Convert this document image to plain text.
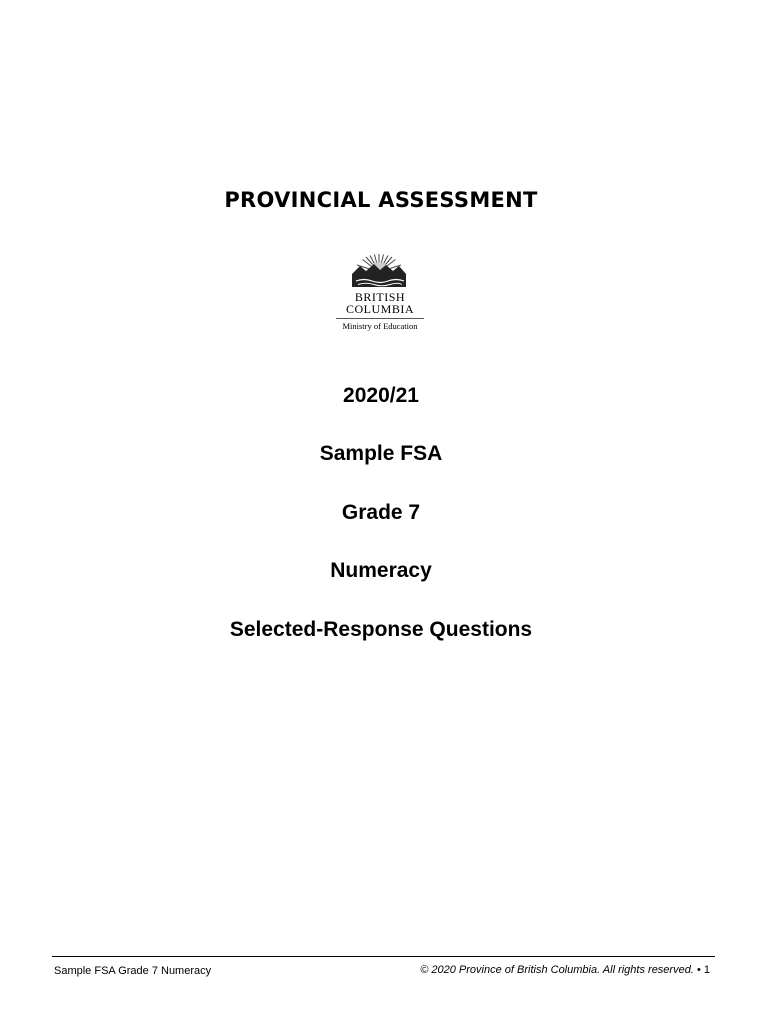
PROVINCIAL ASSESSMENT
BRITISH
COLUMBIA
Ministry of Education
2020/21
Sample FSA
Grade 7
Numeracy
Selected-Response Questions
Sample FSA Grade 7 Numeracy	© 2020 Province of British Columbia. All rights reserved. • 1
